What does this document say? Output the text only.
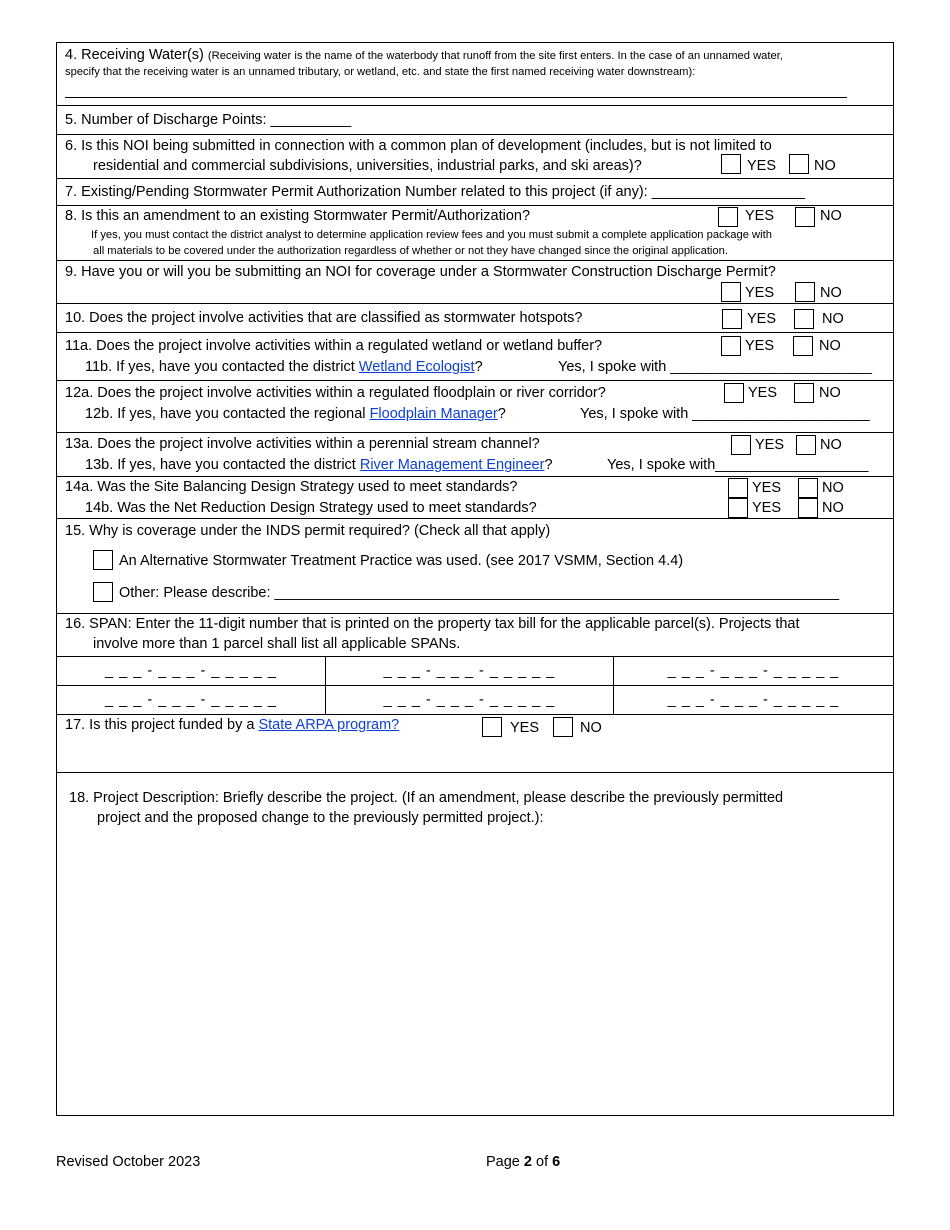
4. Receiving Water(s) (Receiving water is the name of the waterbody that runoff from the site first enters. In the case of an unnamed water,
specify that the receiving water is an unnamed tributary, or wetland, etc. and state the first named receiving water downstream):
5. Number of Discharge Points: __________
6. Is this NOI being submitted in connection with a common plan of development (includes, but is not limited to
residential and commercial subdivisions, universities, industrial parks, and ski areas)?	YES	NO
7. Existing/Pending Stormwater Permit Authorization Number related to this project (if any): ___________________
8. Is this an amendment to an existing Stormwater Permit/Authorization?	YES	NO
If yes, you must contact the district analyst to determine application review fees and you must submit a complete application package with
all materials to be covered under the authorization regardless of whether or not they have changed since the original application.
9. Have you or will you be submitting an NOI for coverage under a Stormwater Construction Discharge Permit?
YES	NO
10. Does the project involve activities that are classified as stormwater hotspots?	YES	NO
11a. Does the project involve activities within a regulated wetland or wetland buffer?	YES	NO
11b. If yes, have you contacted the district Wetland Ecologist?	Yes, I spoke with _________________________
12a. Does the project involve activities within a regulated floodplain or river corridor?	YES	NO
12b. If yes, have you contacted the regional Floodplain Manager?	Yes, I spoke with ______________________
13a. Does the project involve activities within a perennial stream channel?	YES NO
13b. If yes, have you contacted the district River Management Engineer?	Yes, I spoke with___________________
14a. Was the Site Balancing Design Strategy used to meet standards?	YES	NO
14b. Was the Net Reduction Design Strategy used to meet standards?	YES	NO
15. Why is coverage under the INDS permit required? (Check all that apply)
An Alternative Stormwater Treatment Practice was used. (see 2017 VSMM, Section 4.4)
Other: Please describe: ______________________________________________________________________
16. SPAN: Enter the 11-digit number that is printed on the property tax bill for the applicable parcel(s). Projects that
involve more than 1 parcel shall list all applicable SPANs.
_ _ _ - _ _ _ - _ _ _ _ _	_ _ _ - _ _ _ - _ _ _ _ _	_ _ _ - _ _ _ - _ _ _ _ _
_ _ _ - _ _ _ - _ _ _ _ _	_ _ _ - _ _ _ - _ _ _ _ _	_ _ _ - _ _ _ - _ _ _ _ _
17. Is this project funded by a State ARPA program?	YES	NO
18. Project Description: Briefly describe the project. (If an amendment, please describe the previously permitted
project and the proposed change to the previously permitted project.):
Revised October 2023	Page 2 of 6
